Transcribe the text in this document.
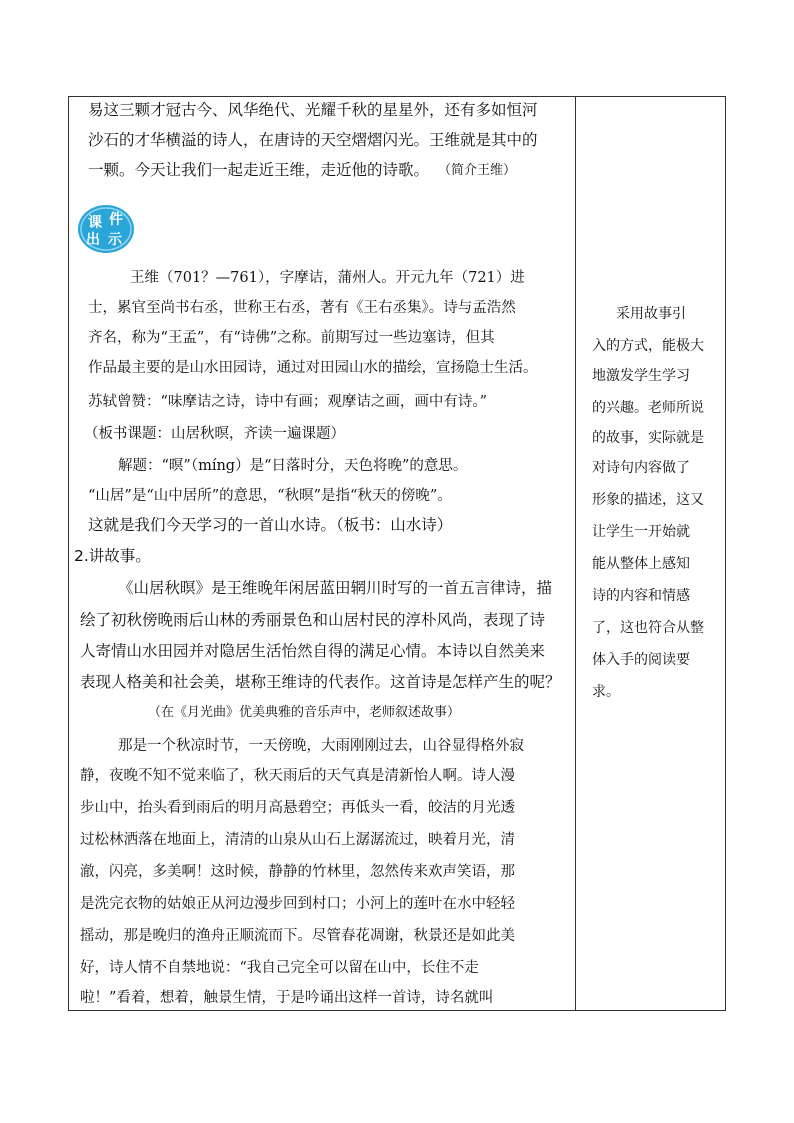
易这三颗才冠古今、风华绝代、光耀千秋的星星外，还有多如恒河
沙石的才华横溢的诗人，在唐诗的天空熠熠闪光。王维就是其中的
一颗。今天让我们一起走近王维，走近他的诗歌。 （简介王维）
课 件
出 示
王维（701？—761），字摩诘，蒲州人。开元九年（721）进
士，累官至尚书右丞，世称王右丞，著有《王右丞集》。诗与孟浩然
齐名，称为“王孟”，有“诗佛”之称。前期写过一些边塞诗，但其
作品最主要的是山水田园诗，通过对田园山水的描绘，宣扬隐士生活。
苏轼曾赞：“味摩诘之诗，诗中有画；观摩诘之画，画中有诗。”
（板书课题：山居秋暝，齐读一遍课题）
解题：“暝”（míng）是“日落时分，天色将晚”的意思。
“山居”是“山中居所”的意思，“秋暝”是指“秋天的傍晚”。
这就是我们今天学习的一首山水诗。（板书：山水诗）
2.讲故事。
《山居秋暝》是王维晚年闲居蓝田辋川时写的一首五言律诗，描
绘了初秋傍晚雨后山林的秀丽景色和山居村民的淳朴风尚，表现了诗
人寄情山水田园并对隐居生活怡然自得的满足心情。本诗以自然美来
表现人格美和社会美，堪称王维诗的代表作。这首诗是怎样产生的呢？
（在《月光曲》优美典雅的音乐声中，老师叙述故事）
那是一个秋凉时节，一天傍晚，大雨刚刚过去，山谷显得格外寂
静，夜晚不知不觉来临了，秋天雨后的天气真是清新怡人啊。诗人漫
步山中，抬头看到雨后的明月高悬碧空；再低头一看，皎洁的月光透
过松林洒落在地面上，清清的山泉从山石上潺潺流过，映着月光，清
澈，闪亮，多美啊！这时候，静静的竹林里，忽然传来欢声笑语，那
是洗完衣物的姑娘正从河边漫步回到村口；小河上的莲叶在水中轻轻
摇动，那是晚归的渔舟正顺流而下。尽管春花凋谢，秋景还是如此美
好，诗人情不自禁地说：“我自己完全可以留在山中，长住不走
啦！”看着，想着，触景生情，于是吟诵出这样一首诗，诗名就叫
采用故事引
入的方式，能极大
地激发学生学习
的兴趣。老师所说
的故事，实际就是
对诗句内容做了
形象的描述，这又
让学生一开始就
能从整体上感知
诗的内容和情感
了，这也符合从整
体入手的阅读要
求。
